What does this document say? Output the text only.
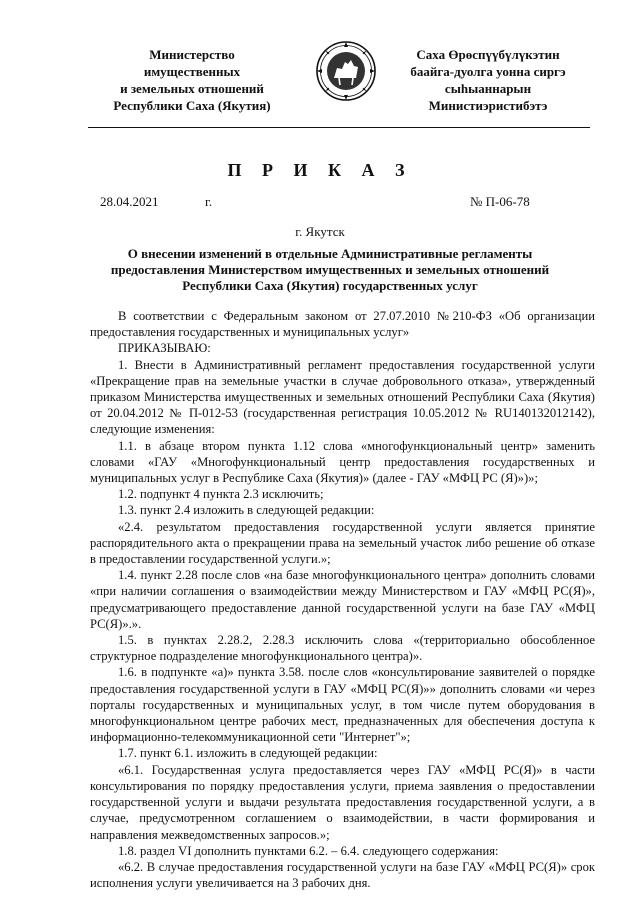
Министерство
имущественных
и земельных отношений
Республики Саха (Якутия)
Саха Өрөспүүбүлүкэтин
баайга-дуолга уонна сиргэ
сыһыаннарын
Министиэристибэтэ
П Р И К А З
28.04.2021	г.	№ П-06-78
г. Якутск
О внесении изменений в отдельные Административные регламенты
предоставления Министерством имущественных и земельных отношений
Республики Саха (Якутия) государственных услуг

В соответствии с Федеральным законом от 27.07.2010 №210-ФЗ «Об организации предоставления государственных и муниципальных услуг»

ПРИКАЗЫВАЮ:

1. Внести в Административный регламент предоставления государственной услуги «Прекращение прав на земельные участки в случае добровольного отказа», утвержденный приказом Министерства имущественных и земельных отношений Республики Саха (Якутия) от 20.04.2012 № П-012-53 (государственная регистрация 10.05.2012 № RU140132012142), следующие изменения:

1.1. в абзаце втором пункта 1.12 слова «многофункциональный центр» заменить словами «ГАУ «Многофункциональный центр предоставления государственных и муниципальных услуг в Республике Саха (Якутия)» (далее - ГАУ «МФЦ РС (Я)»)»;

1.2. подпункт 4 пункта 2.3 исключить;

1.3. пункт 2.4 изложить в следующей редакции:

«2.4. результатом предоставления государственной услуги является принятие распорядительного акта о прекращении права на земельный участок либо решение об отказе в предоставлении государственной услуги.»;

1.4. пункт 2.28 после слов «на базе многофункционального центра» дополнить словами «при наличии соглашения о взаимодействии между Министерством и ГАУ «МФЦ РС(Я)», предусматривающего предоставление данной государственной услуги на базе ГАУ «МФЦ РС(Я)».».

1.5. в пунктах 2.28.2, 2.28.3 исключить слова «(территориально обособленное структурное подразделение многофункционального центра)».

1.6. в подпункте «а)» пункта 3.58. после слов «консультирование заявителей о порядке предоставления государственной услуги в ГАУ «МФЦ РС(Я)»» дополнить словами «и через порталы государственных и муниципальных услуг, в том числе путем оборудования в многофункциональном центре рабочих мест, предназначенных для обеспечения доступа к информационно-телекоммуникационной сети "Интернет"»;

1.7. пункт 6.1. изложить в следующей редакции:

«6.1. Государственная услуга предоставляется через ГАУ «МФЦ РС(Я)» в части консультирования по порядку предоставления услуги, приема заявления о предоставлении государственной услуги и выдачи результата предоставления государственной услуги, а в случае, предусмотренном соглашением о взаимодействии, в части формирования и направления межведомственных запросов.»;

1.8. раздел VI дополнить пунктами 6.2. – 6.4. следующего содержания:

«6.2. В случае предоставления государственной услуги на базе ГАУ «МФЦ РС(Я)» срок исполнения услуги увеличивается на 3 рабочих дня.
